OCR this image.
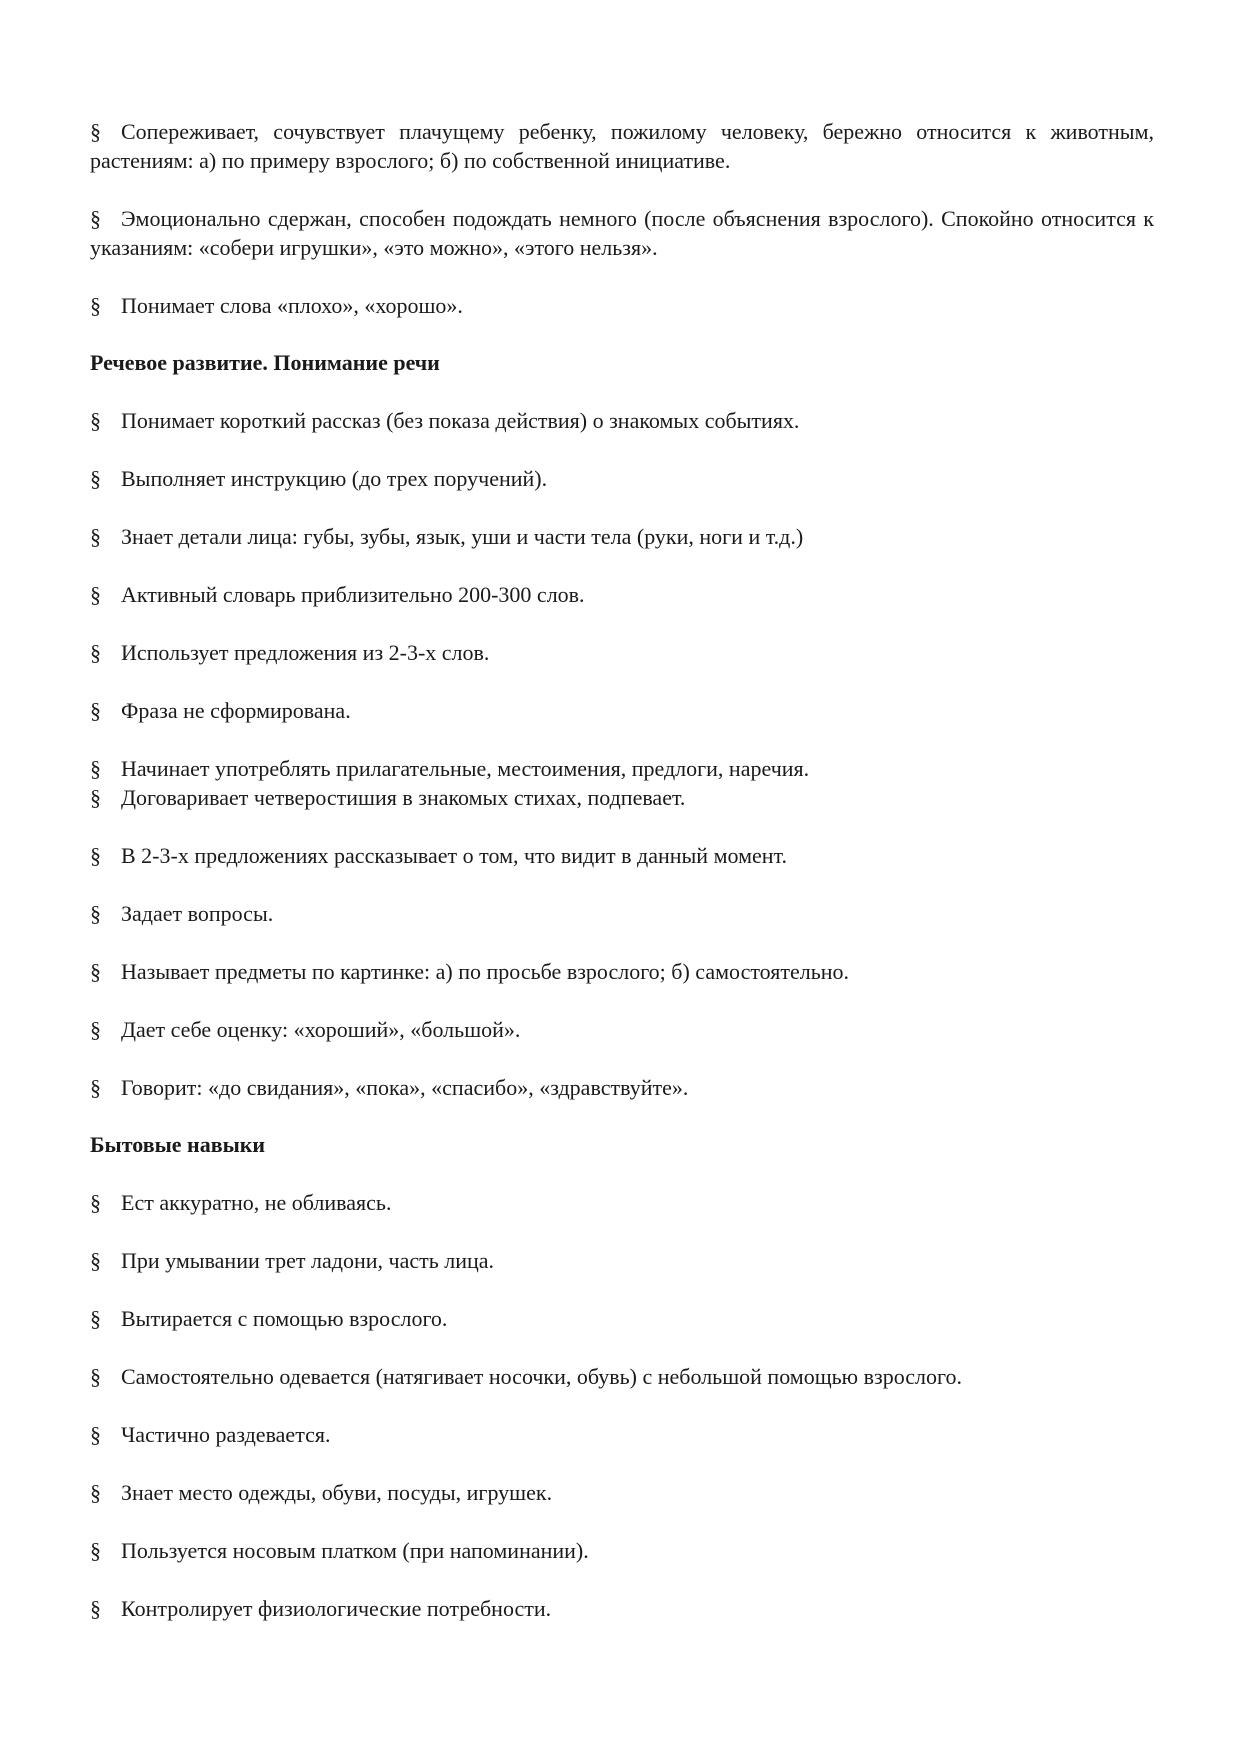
§ Сопереживает, сочувствует плачущему ребенку, пожилому человеку, бережно относится к животным, растениям: а) по примеру взрослого; б) по собственной инициативе.
§ Эмоционально сдержан, способен подождать немного (после объяснения взрослого). Спокойно относится к указаниям: «собери игрушки», «это можно», «этого нельзя».
§ Понимает слова «плохо», «хорошо».
Речевое развитие. Понимание речи
§ Понимает короткий рассказ (без показа действия) о знакомых событиях.
§ Выполняет инструкцию (до трех поручений).
§ Знает детали лица: губы, зубы, язык, уши и части тела (руки, ноги и т.д.)
§ Активный словарь приблизительно 200-300 слов.
§ Использует предложения из 2-3-х слов.
§ Фраза не сформирована.
§ Начинает употреблять прилагательные, местоимения, предлоги, наречия.
§ Договаривает четверостишия в знакомых стихах, подпевает.
§ В 2-3-х предложениях рассказывает о том, что видит в данный момент.
§ Задает вопросы.
§ Называет предметы по картинке: а) по просьбе взрослого; б) самостоятельно.
§ Дает себе оценку: «хороший», «большой».
§ Говорит: «до свидания», «пока», «спасибо», «здравствуйте».
Бытовые навыки
§ Ест аккуратно, не обливаясь.
§ При умывании трет ладони, часть лица.
§ Вытирается с помощью взрослого.
§ Самостоятельно одевается (натягивает носочки, обувь) с небольшой помощью взрослого.
§ Частично раздевается.
§ Знает место одежды, обуви, посуды, игрушек.
§ Пользуется носовым платком (при напоминании).
§ Контролирует физиологические потребности.
